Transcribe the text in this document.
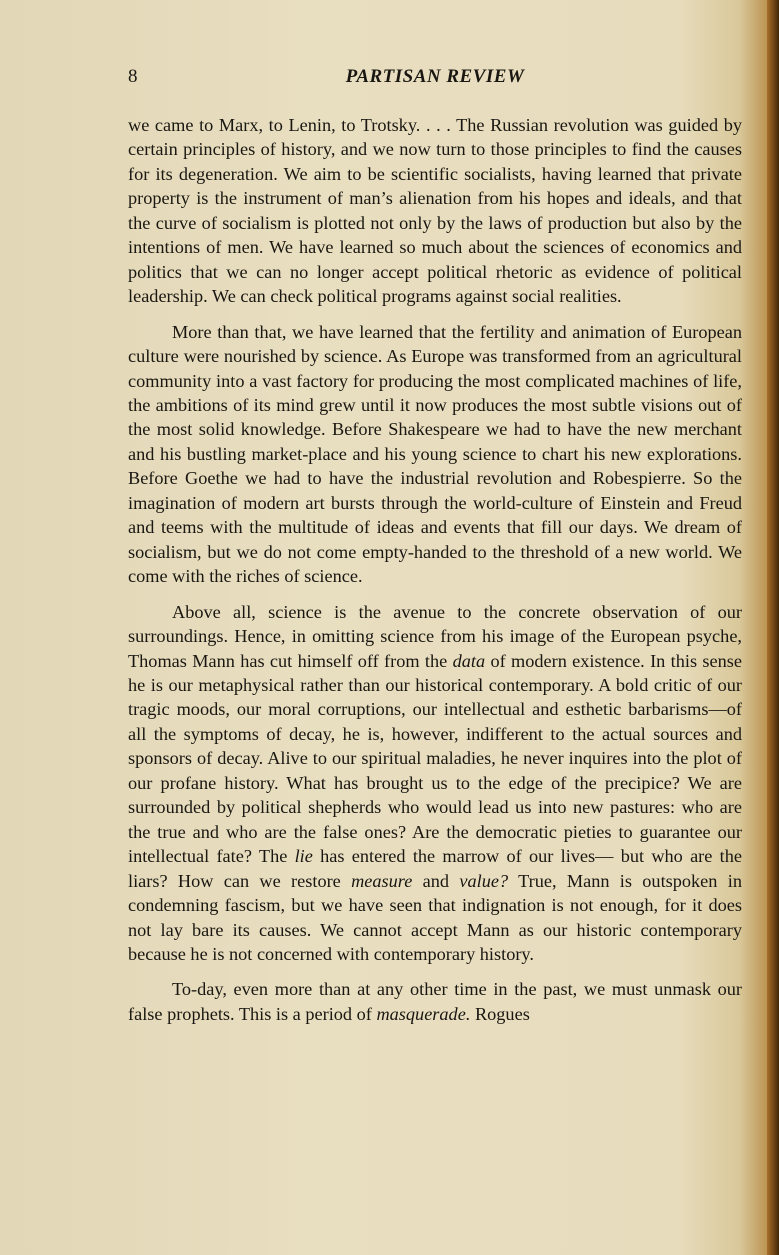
8	PARTISAN REVIEW

we came to Marx, to Lenin, to Trotsky. . . . The Russian revolution was guided by certain principles of history, and we now turn to those principles to find the causes for its degeneration. We aim to be scientific socialists, having learned that private property is the instrument of man’s alienation from his hopes and ideals, and that the curve of socialism is plotted not only by the laws of production but also by the intentions of men. We have learned so much about the sciences of economics and politics that we can no longer accept political rhetoric as evidence of political leadership. We can check political programs against social realities.

More than that, we have learned that the fertility and animation of European culture were nourished by science. As Europe was transformed from an agricultural community into a vast factory for producing the most complicated machines of life, the ambitions of its mind grew until it now produces the most subtle visions out of the most solid knowledge. Before Shakespeare we had to have the new merchant and his bustling market-place and his young science to chart his new explorations. Before Goethe we had to have the industrial revolution and Robespierre. So the imagination of modern art bursts through the world-culture of Einstein and Freud and teems with the multitude of ideas and events that fill our days. We dream of socialism, but we do not come empty-handed to the threshold of a new world. We come with the riches of science.

Above all, science is the avenue to the concrete observation of our surroundings. Hence, in omitting science from his image of the European psyche, Thomas Mann has cut himself off from the data of modern existence. In this sense he is our metaphysical rather than our historical contemporary. A bold critic of our tragic moods, our moral corruptions, our intellectual and esthetic barbarisms—of all the symptoms of decay, he is, however, indifferent to the actual sources and sponsors of decay. Alive to our spiritual maladies, he never inquires into the plot of our profane history. What has brought us to the edge of the precipice? We are surrounded by political shepherds who would lead us into new pastures: who are the true and who are the false ones? Are the democratic pieties to guarantee our intellectual fate? The lie has entered the marrow of our lives— but who are the liars? How can we restore measure and value? True, Mann is outspoken in condemning fascism, but we have seen that indignation is not enough, for it does not lay bare its causes. We cannot accept Mann as our historic contemporary because he is not concerned with contemporary history.

To-day, even more than at any other time in the past, we must unmask our false prophets. This is a period of masquerade. Rogues
